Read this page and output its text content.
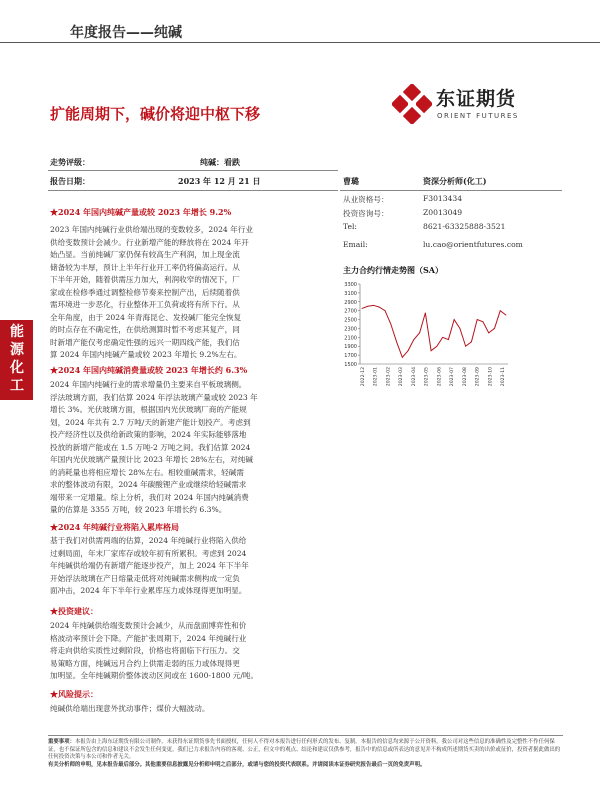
年度报告——纯碱
扩能周期下，碱价将迎中枢下移
东证期货
ORIENT FUTURES
能源化工
走势评级：	纯碱：看跌
报告日期：	2023 年 12 月 21 日	曹璐	资深分析师(化工)
从业资格号：	F3013434
投资咨询号：	Z0013049
Tel:	8621-63325888-3521
Email:	lu.cao@orientfutures.com
主力合约行情走势图（SA）
1500
1700
1900
2100
2300
2500
2700
2900
3100
3300
2022-12 2023-01 2023-02 2023-03 2023-04 2023-05 2023-06 2023-07 2023-08 2023-09 2023-10 2023-11
★2024 年国内纯碱产量或较 2023 年增长 9.2%
2023 年国内纯碱行业供给端出现的变数较多，2024 年行业
供给变数预计会减少。行业新增产能的释放将在 2024 年开
始凸显。当前纯碱厂家仍保有较高生产利润，加上现金流
储备较为丰厚，预计上半年行业开工率仍将偏高运行。从
下半年开始，随着供需压力加大，利润收窄的情况下，厂
家或在检修季通过调整检修节奏来控制产出，后续随着供
需环境进一步恶化，行业整体开工负荷或将有所下行。从
全年角度，由于 2024 年青海昆仑、发投碱厂能完全恢复
的时点存在不确定性，在供给测算时暂不考虑其复产，同
时新增产能仅考虑确定性强的远兴一期四线产能，我们估
算 2024 年国内纯碱产量或较 2023 年增长 9.2%左右。
★2024 年国内纯碱消费量或较 2023 年增长约 6.3%
2024 年国内纯碱行业的需求增量仍主要来自平板玻璃侧。
浮法玻璃方面，我们估算 2024 年浮法玻璃产量或较 2023 年
增长 3%。光伏玻璃方面，根据国内光伏玻璃厂商的产能规
划，2024 年共有 2.7 万吨/天的新建产能计划投产。考虑到
投产经济性以及供给新政策的影响，2024 年实际能够落地
投放的新增产能或在 1.5 万吨-2 万吨之间。我们估算 2024
年国内光伏玻璃产量预计比 2023 年增长 28%左右，对纯碱
的消耗量也将相应增长 28%左右。相较重碱需求，轻碱需
求的整体波动有限，2024 年碳酸锂产业或继续给轻碱需求
端带来一定增量。综上分析，我们对 2024 年国内纯碱消费
量的估算是 3355 万吨，较 2023 年增长约 6.3%。
★2024 年纯碱行业将陷入累库格局
基于我们对供需两端的估算，2024 年纯碱行业将陷入供给
过剩局面，年末厂家库存或较年初有所累积。考虑到 2024
年纯碱供给端仍有新增产能逐步投产，加上 2024 年下半年
开始浮法玻璃在产日熔量走低将对纯碱需求侧构成一定负
面冲击，2024 年下半年行业累库压力或体现得更加明显。
★投资建议：
2024 年纯碱供给端变数预计会减少，从而盘面博弈性和价
格波动率预计会下降。产能扩张周期下，2024 年纯碱行业
将走向供给实质性过剩阶段，价格也将面临下行压力。交
易策略方面，纯碱远月合约上供需走弱的压力或体现得更
加明显。全年纯碱期价整体波动区间或在 1600-1800 元/吨。
★风险提示：
纯碱供给端出现意外扰动事件；煤价大幅波动。
重要事项：本报告由上海东证期货有限公司制作。未获得东证期货事先书面授权，任何人不得对本报告进行任何形式的发布、复制。本报告的信息均来源于公开资料，我公司对这些信息的准确性及完整性不作任何保证，也不保证所包含的信息和建议不会发生任何变更。我们已力求报告内容的客观、公正，但文中的观点、结论和建议仅供参考，报告中的信息或所表达的意见并不构成所述期货买卖的出价或征价，投资者据此做出的任何投资决策与本公司和作者无关。
有关分析师的申明，见本报告最后部分。其他重要信息披露见分析师申明之后部分，或请与您的投资代表联系。并请阅读本证券研究报告最后一页的免责声明。
